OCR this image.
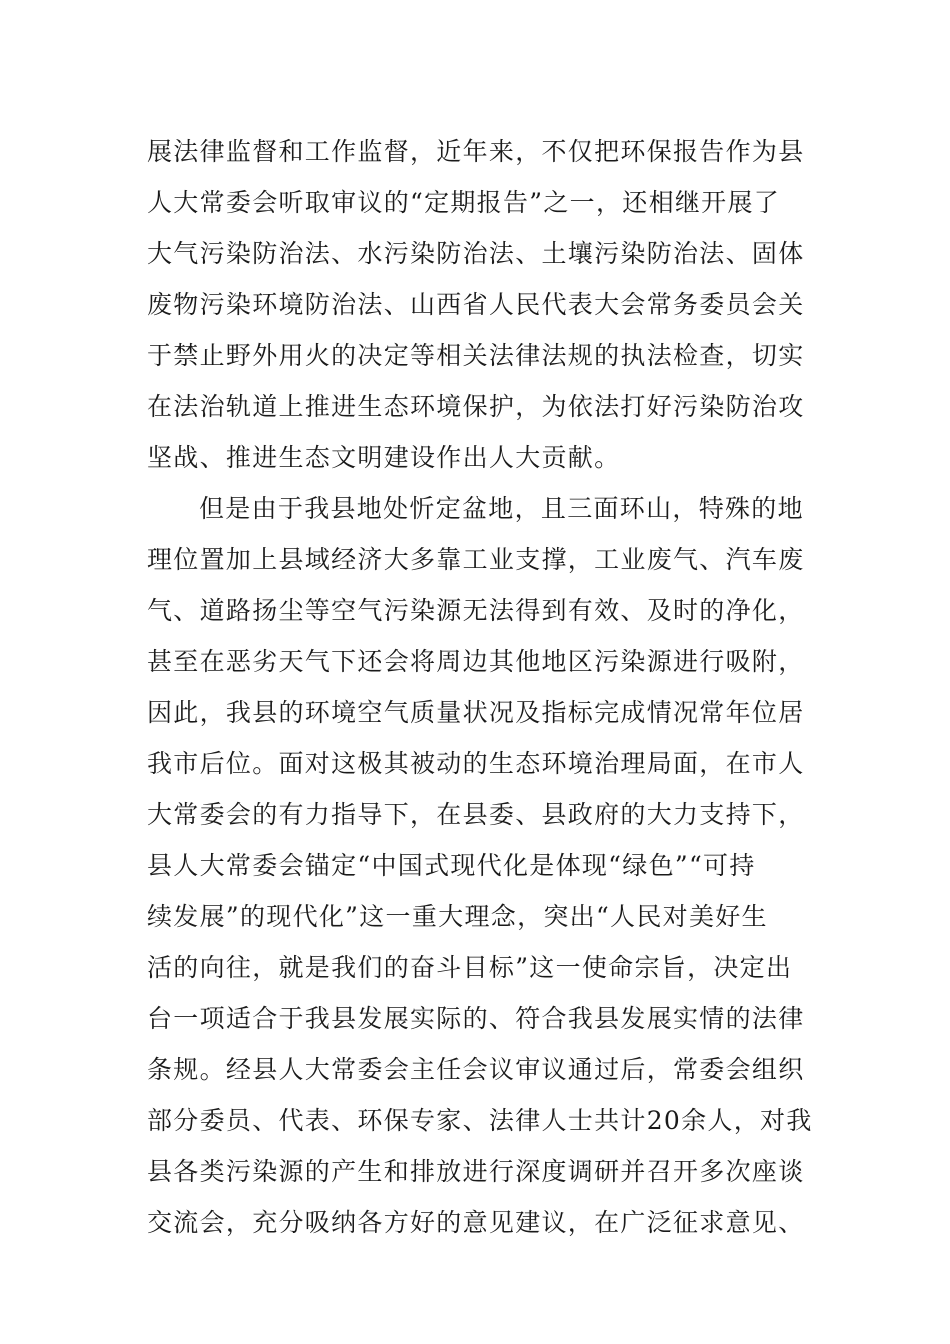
展法律监督和工作监督，近年来，不仅把环保报告作为县
人大常委会听取审议的“定期报告”之一，还相继开展了
大气污染防治法、水污染防治法、土壤污染防治法、固体
废物污染环境防治法、山西省人民代表大会常务委员会关
于禁止野外用火的决定等相关法律法规的执法检查，切实
在法治轨道上推进生态环境保护，为依法打好污染防治攻
坚战、推进生态文明建设作出人大贡献。
但是由于我县地处忻定盆地，且三面环山，特殊的地
理位置加上县域经济大多靠工业支撑，工业废气、汽车废
气、道路扬尘等空气污染源无法得到有效、及时的净化，
甚至在恶劣天气下还会将周边其他地区污染源进行吸附，
因此，我县的环境空气质量状况及指标完成情况常年位居
我市后位。面对这极其被动的生态环境治理局面，在市人
大常委会的有力指导下，在县委、县政府的大力支持下，
县人大常委会锚定“中国式现代化是体现“绿色”“可持
续发展”的现代化”这一重大理念，突出“人民对美好生
活的向往，就是我们的奋斗目标”这一使命宗旨，决定出
台一项适合于我县发展实际的、符合我县发展实情的法律
条规。经县人大常委会主任会议审议通过后，常委会组织
部分委员、代表、环保专家、法律人士共计20余人，对我
县各类污染源的产生和排放进行深度调研并召开多次座谈
交流会，充分吸纳各方好的意见建议，在广泛征求意见、
